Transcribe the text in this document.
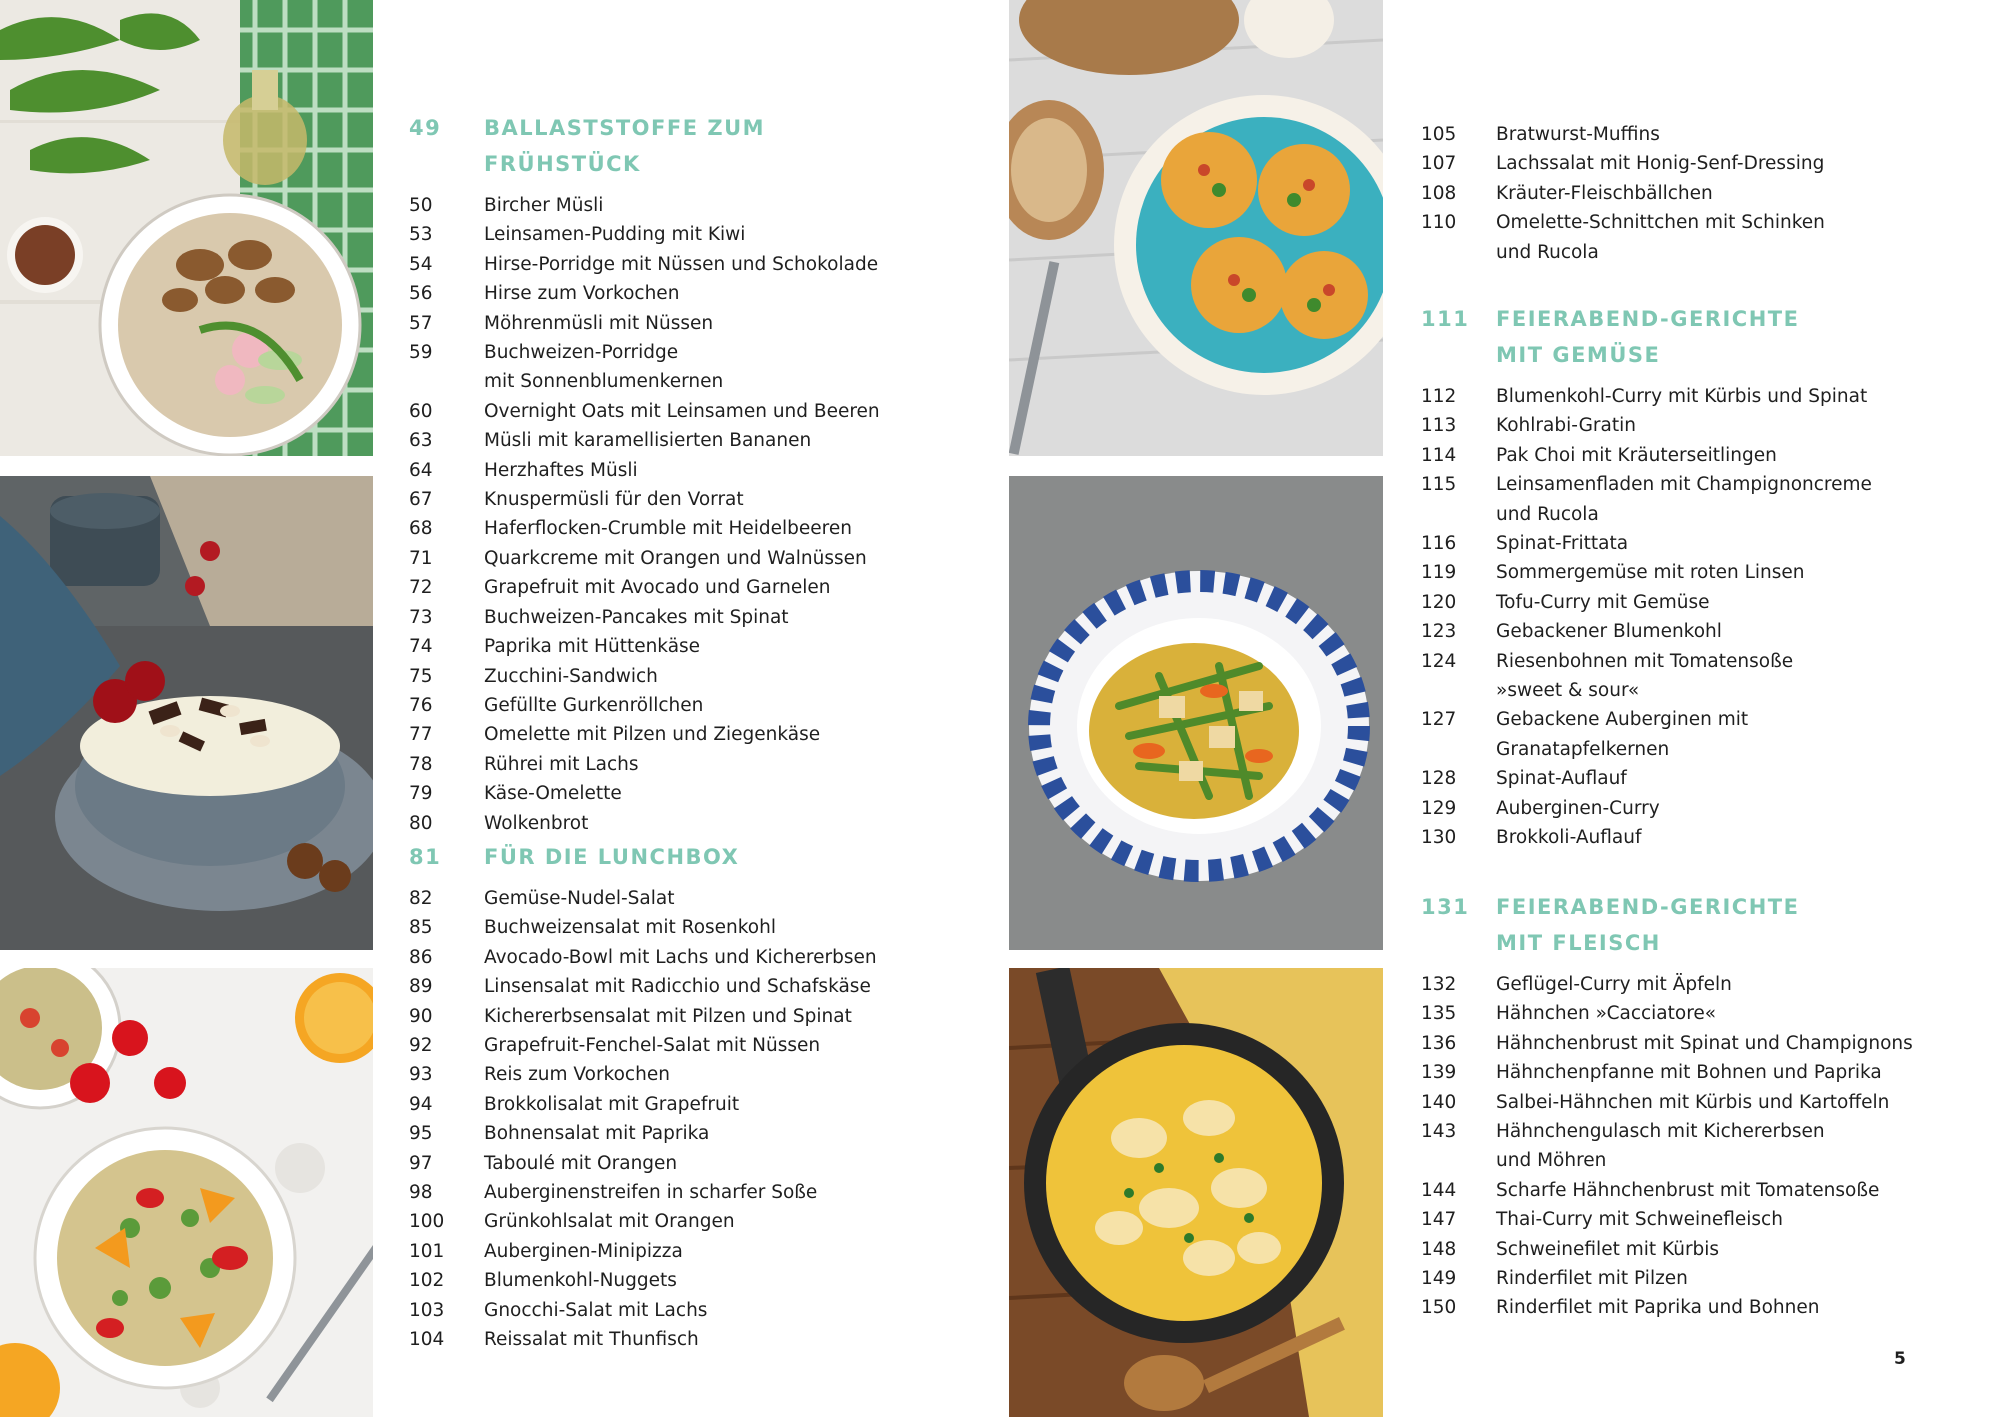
49	BALLASTSTOFFE ZUM FRÜHSTÜCK
50	Bircher Müsli
53	Leinsamen-Pudding mit Kiwi
54	Hirse-Porridge mit Nüssen und Schokolade
56	Hirse zum Vorkochen
57	Möhrenmüsli mit Nüssen
59	Buchweizen-Porridge
mit Sonnenblumenkernen
60	Overnight Oats mit Leinsamen und Beeren
63	Müsli mit karamellisierten Bananen
64	Herzhaftes Müsli
67	Knuspermüsli für den Vorrat
68	Haferflocken-Crumble mit Heidelbeeren
71	Quarkcreme mit Orangen und Walnüssen
72	Grapefruit mit Avocado und Garnelen
73	Buchweizen-Pancakes mit Spinat
74	Paprika mit Hüttenkäse
75	Zucchini-Sandwich
76	Gefüllte Gurkenröllchen
77	Omelette mit Pilzen und Ziegenkäse
78	Rührei mit Lachs
79	Käse-Omelette
80	Wolkenbrot
81	FÜR DIE LUNCHBOX
82	Gemüse-Nudel-Salat
85	Buchweizensalat mit Rosenkohl
86	Avocado-Bowl mit Lachs und Kichererbsen
89	Linsensalat mit Radicchio und Schafskäse
90	Kichererbsensalat mit Pilzen und Spinat
92	Grapefruit-Fenchel-Salat mit Nüssen
93	Reis zum Vorkochen
94	Brokkolisalat mit Grapefruit
95	Bohnensalat mit Paprika
97	Taboulé mit Orangen
98	Auberginenstreifen in scharfer Soße
100	Grünkohlsalat mit Orangen
101	Auberginen-Minipizza
102	Blumenkohl-Nuggets
103	Gnocchi-Salat mit Lachs
104	Reissalat mit Thunfisch
105	Bratwurst-Muffins
107	Lachssalat mit Honig-Senf-Dressing
108	Kräuter-Fleischbällchen
110	Omelette-Schnittchen mit Schinken
und Rucola
111	FEIERABEND-GERICHTE
MIT GEMÜSE
112	Blumenkohl-Curry mit Kürbis und Spinat
113	Kohlrabi-Gratin
114	Pak Choi mit Kräuterseitlingen
115	Leinsamenfladen mit Champignoncreme
und Rucola
116	Spinat-Frittata
119	Sommergemüse mit roten Linsen
120	Tofu-Curry mit Gemüse
123	Gebackener Blumenkohl
124	Riesenbohnen mit Tomatensoße
»sweet & sour«
127	Gebackene Auberginen mit
Granatapfelkernen
128	Spinat-Auflauf
129	Auberginen-Curry
130	Brokkoli-Auflauf
131	FEIERABEND-GERICHTE
MIT FLEISCH
132	Geflügel-Curry mit Äpfeln
135	Hähnchen »Cacciatore«
136	Hähnchenbrust mit Spinat und Champignons
139	Hähnchenpfanne mit Bohnen und Paprika
140	Salbei-Hähnchen mit Kürbis und Kartoffeln
143	Hähnchengulasch mit Kichererbsen
und Möhren
144	Scharfe Hähnchenbrust mit Tomatensoße
147	Thai-Curry mit Schweinefleisch
148	Schweinefilet mit Kürbis
149	Rinderfilet mit Pilzen
150	Rinderfilet mit Paprika und Bohnen
5
